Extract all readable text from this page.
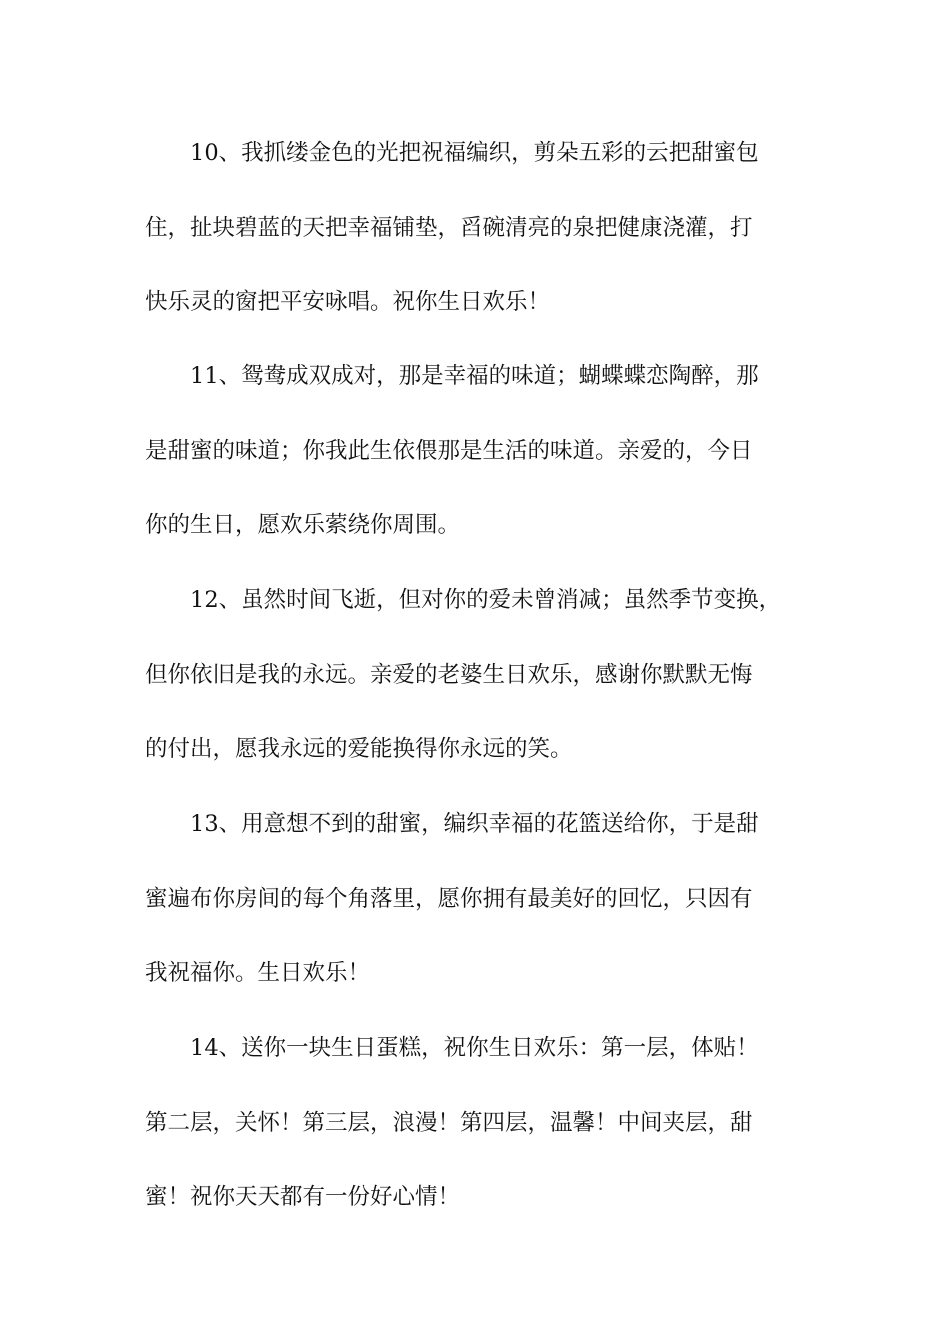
10、我抓缕金色的光把祝福编织，剪朵五彩的云把甜蜜包
住，扯块碧蓝的天把幸福铺垫，舀碗清亮的泉把健康浇灌，打
快乐灵的窗把平安咏唱。祝你生日欢乐！
11、鸳鸯成双成对，那是幸福的味道；蝴蝶蝶恋陶醉，那
是甜蜜的味道；你我此生依偎那是生活的味道。亲爱的，今日
你的生日，愿欢乐萦绕你周围。
12、虽然时间飞逝，但对你的爱未曾消减；虽然季节变换，
但你依旧是我的永远。亲爱的老婆生日欢乐，感谢你默默无悔
的付出，愿我永远的爱能换得你永远的笑。
13、用意想不到的甜蜜，编织幸福的花篮送给你，于是甜
蜜遍布你房间的每个角落里，愿你拥有最美好的回忆，只因有
我祝福你。生日欢乐！
14、送你一块生日蛋糕，祝你生日欢乐：第一层，体贴！
第二层，关怀！第三层，浪漫！第四层，温馨！中间夹层，甜
蜜！祝你天天都有一份好心情！
